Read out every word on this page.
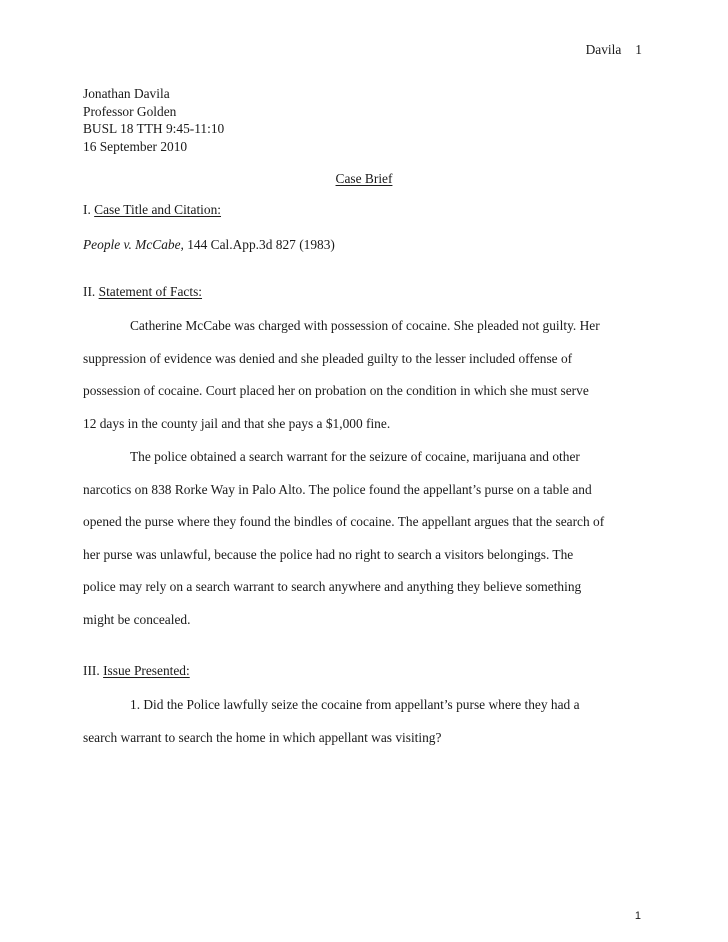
Davila 1
Jonathan Davila
Professor Golden
BUSL 18 TTH 9:45-11:10
16 September 2010
Case Brief
I. Case Title and Citation:
People v. McCabe, 144 Cal.App.3d 827 (1983)
II. Statement of Facts:
Catherine McCabe was charged with possession of cocaine. She pleaded not guilty. Her
suppression of evidence was denied and she pleaded guilty to the lesser included offense of
possession of cocaine. Court placed her on probation on the condition in which she must serve
12 days in the county jail and that she pays a $1,000 fine.
The police obtained a search warrant for the seizure of cocaine, marijuana and other
narcotics on 838 Rorke Way in Palo Alto. The police found the appellant’s purse on a table and
opened the purse where they found the bindles of cocaine. The appellant argues that the search of
her purse was unlawful, because the police had no right to search a visitors belongings. The
police may rely on a search warrant to search anywhere and anything they believe something
might be concealed.
III. Issue Presented:
1. Did the Police lawfully seize the cocaine from appellant’s purse where they had a
search warrant to search the home in which appellant was visiting?
1
